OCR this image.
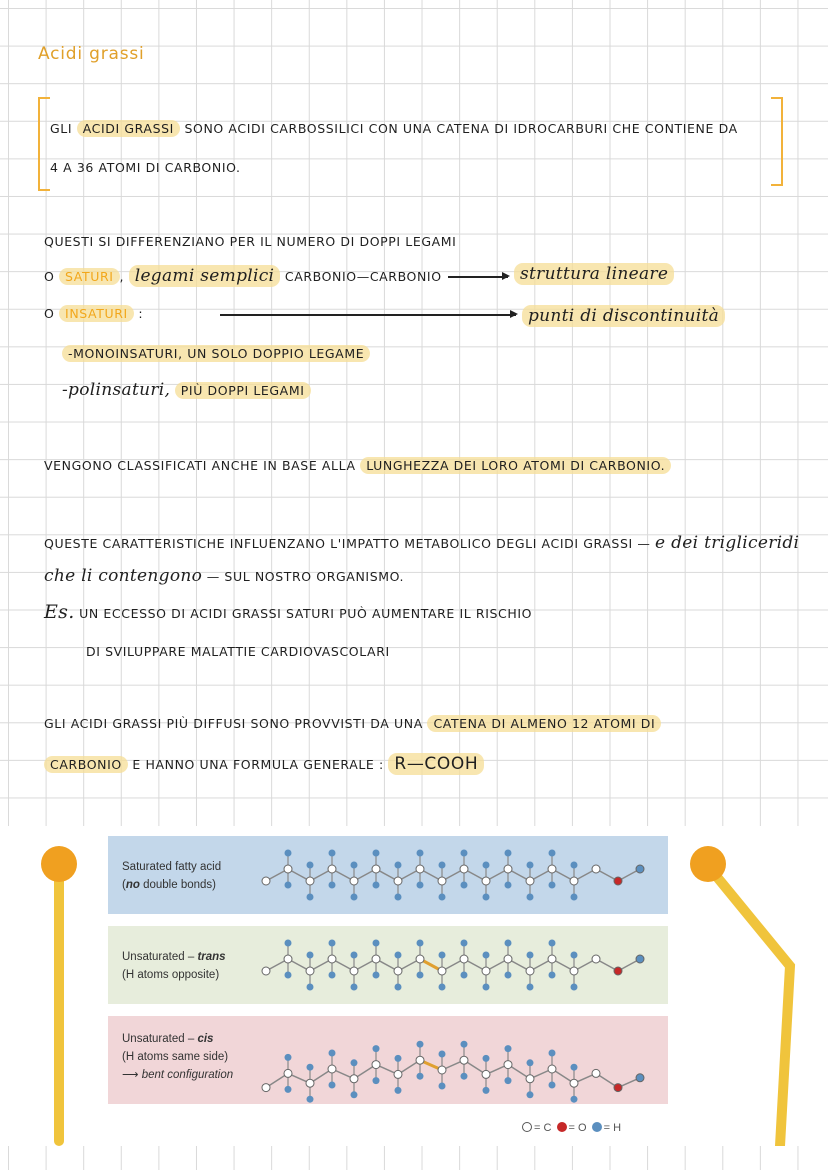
Acidi grassi
GLI ACIDI GRASSI SONO ACIDI CARBOSSILICI CON UNA CATENA DI IDROCARBURI CHE CONTIENE DA
4 A 36 ATOMI DI CARBONIO.
QUESTI SI DIFFERENZIANO PER IL NUMERO DI DOPPI LEGAMI
O SATURI , legami semplici CARBONIO—CARBONIO	struttura lineare
O INSATURI :	punti di discontinuità
-MONOINSATURI, UN SOLO DOPPIO LEGAME
-polinsaturi, PIÙ DOPPI LEGAMI
VENGONO CLASSIFICATI ANCHE IN BASE ALLA LUNGHEZZA DEI LORO ATOMI DI CARBONIO.
QUESTE CARATTERISTICHE INFLUENZANO L'IMPATTO METABOLICO DEGLI ACIDI GRASSI — e dei trigliceridi
che li contengono — SUL NOSTRO ORGANISMO.
Es. UN ECCESSO DI ACIDI GRASSI SATURI PUÒ AUMENTARE IL RISCHIO
DI SVILUPPARE MALATTIE CARDIOVASCOLARI
GLI ACIDI GRASSI PIÙ DIFFUSI SONO PROVVISTI DA UNA CATENA DI ALMENO 12 ATOMI DI
CARBONIO E HANNO UNA FORMULA GENERALE : R—COOH
Saturated fatty acid
(no double bonds)
Unsaturated – trans
(H atoms opposite)
Unsaturated – cis
(H atoms same side)
⟶ bent configuration
= C = O = H
